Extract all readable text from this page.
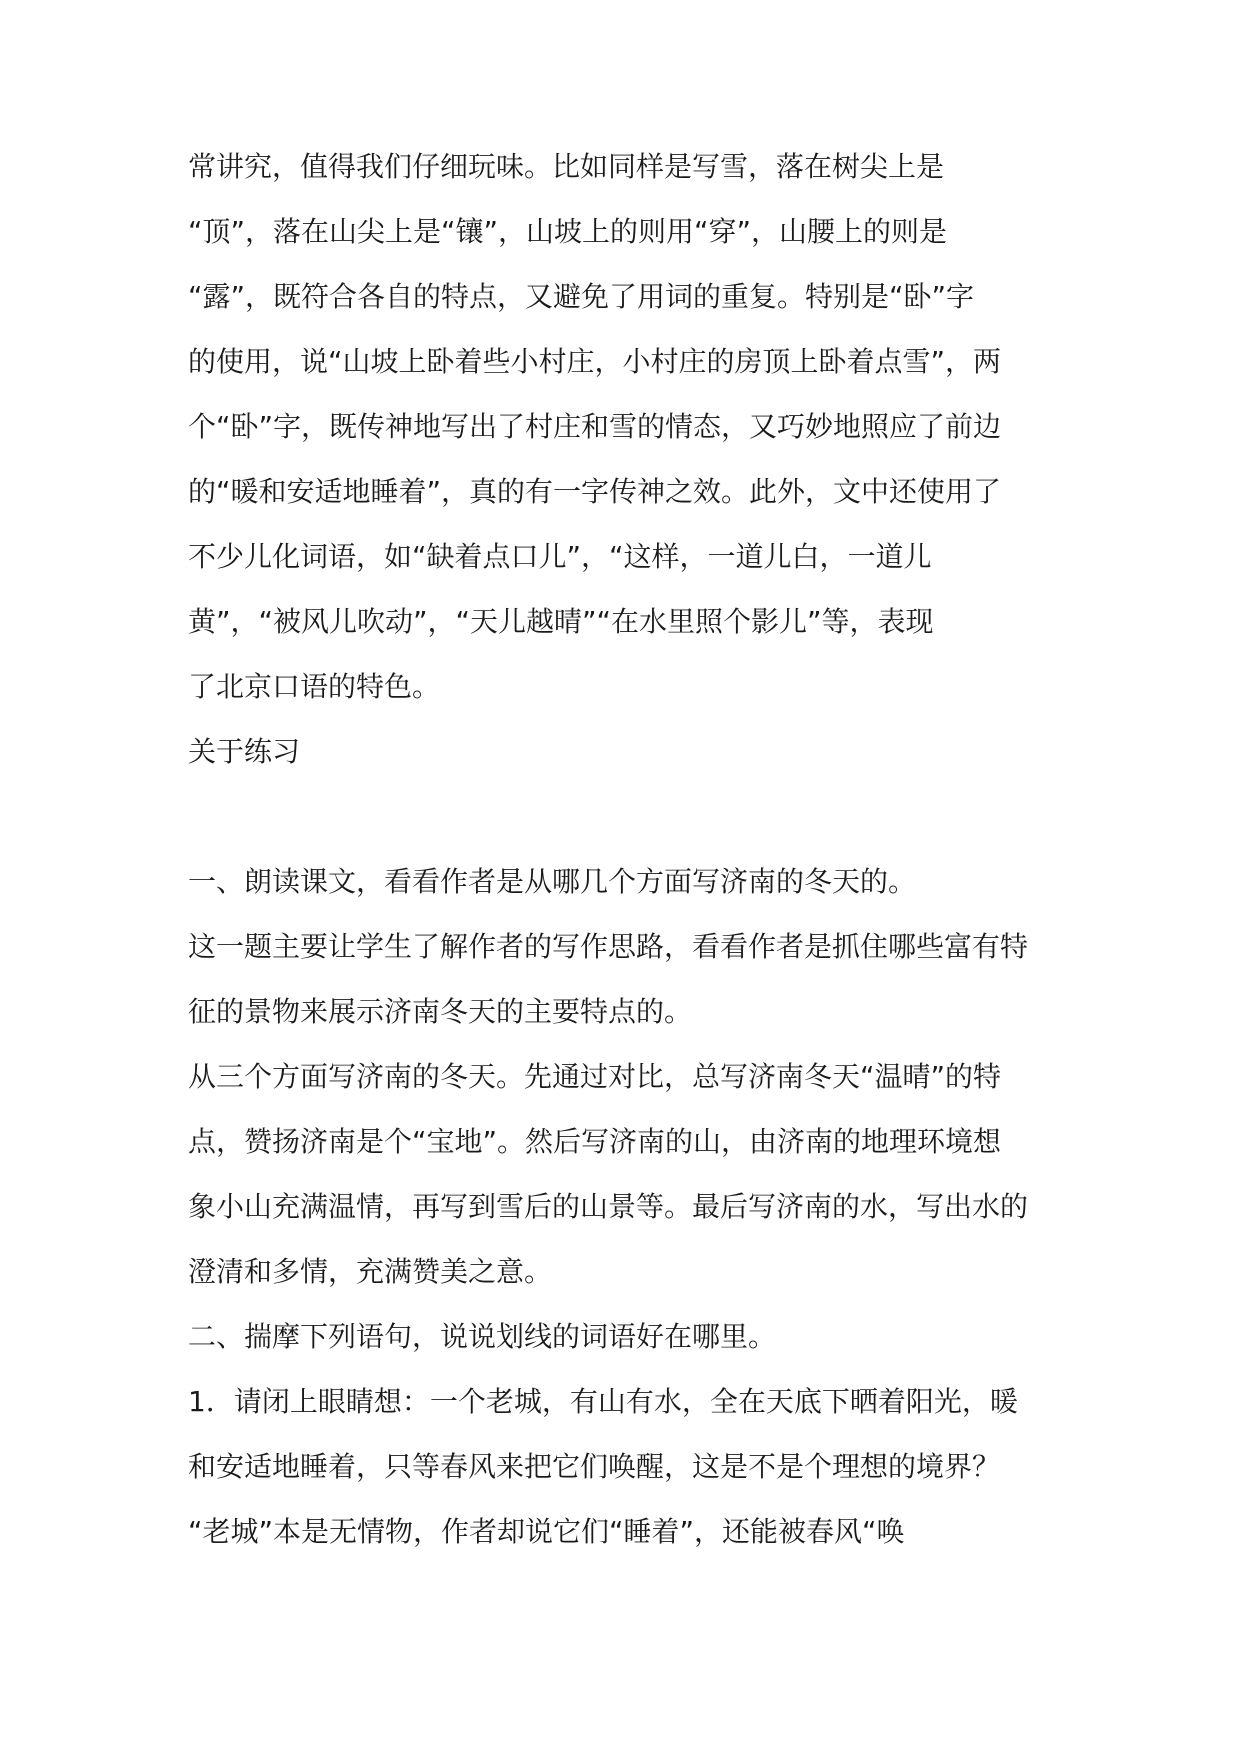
常讲究，值得我们仔细玩味。比如同样是写雪，落在树尖上是
“顶”，落在山尖上是“镶”，山坡上的则用“穿”，山腰上的则是
“露”，既符合各自的特点，又避免了用词的重复。特别是“卧”字
的使用，说“山坡上卧着些小村庄，小村庄的房顶上卧着点雪”，两
个“卧”字，既传神地写出了村庄和雪的情态，又巧妙地照应了前边
的“暖和安适地睡着”，真的有一字传神之效。此外，文中还使用了
不少儿化词语，如“缺着点口儿”，“这样，一道儿白，一道儿
黄”，“被风儿吹动”，“天儿越晴”“在水里照个影儿”等，表现
了北京口语的特色。

关于练习

一、朗读课文，看看作者是从哪几个方面写济南的冬天的。

这一题主要让学生了解作者的写作思路，看看作者是抓住哪些富有特
征的景物来展示济南冬天的主要特点的。

从三个方面写济南的冬天。先通过对比，总写济南冬天“温晴”的特
点，赞扬济南是个“宝地”。然后写济南的山，由济南的地理环境想
象小山充满温情，再写到雪后的山景等。最后写济南的水，写出水的
澄清和多情，充满赞美之意。

二、揣摩下列语句，说说划线的词语好在哪里。

1．请闭上眼睛想：一个老城，有山有水，全在天底下晒着阳光，暖
和安适地睡着，只等春风来把它们唤醒，这是不是个理想的境界？

“老城”本是无情物，作者却说它们“睡着”，还能被春风“唤
